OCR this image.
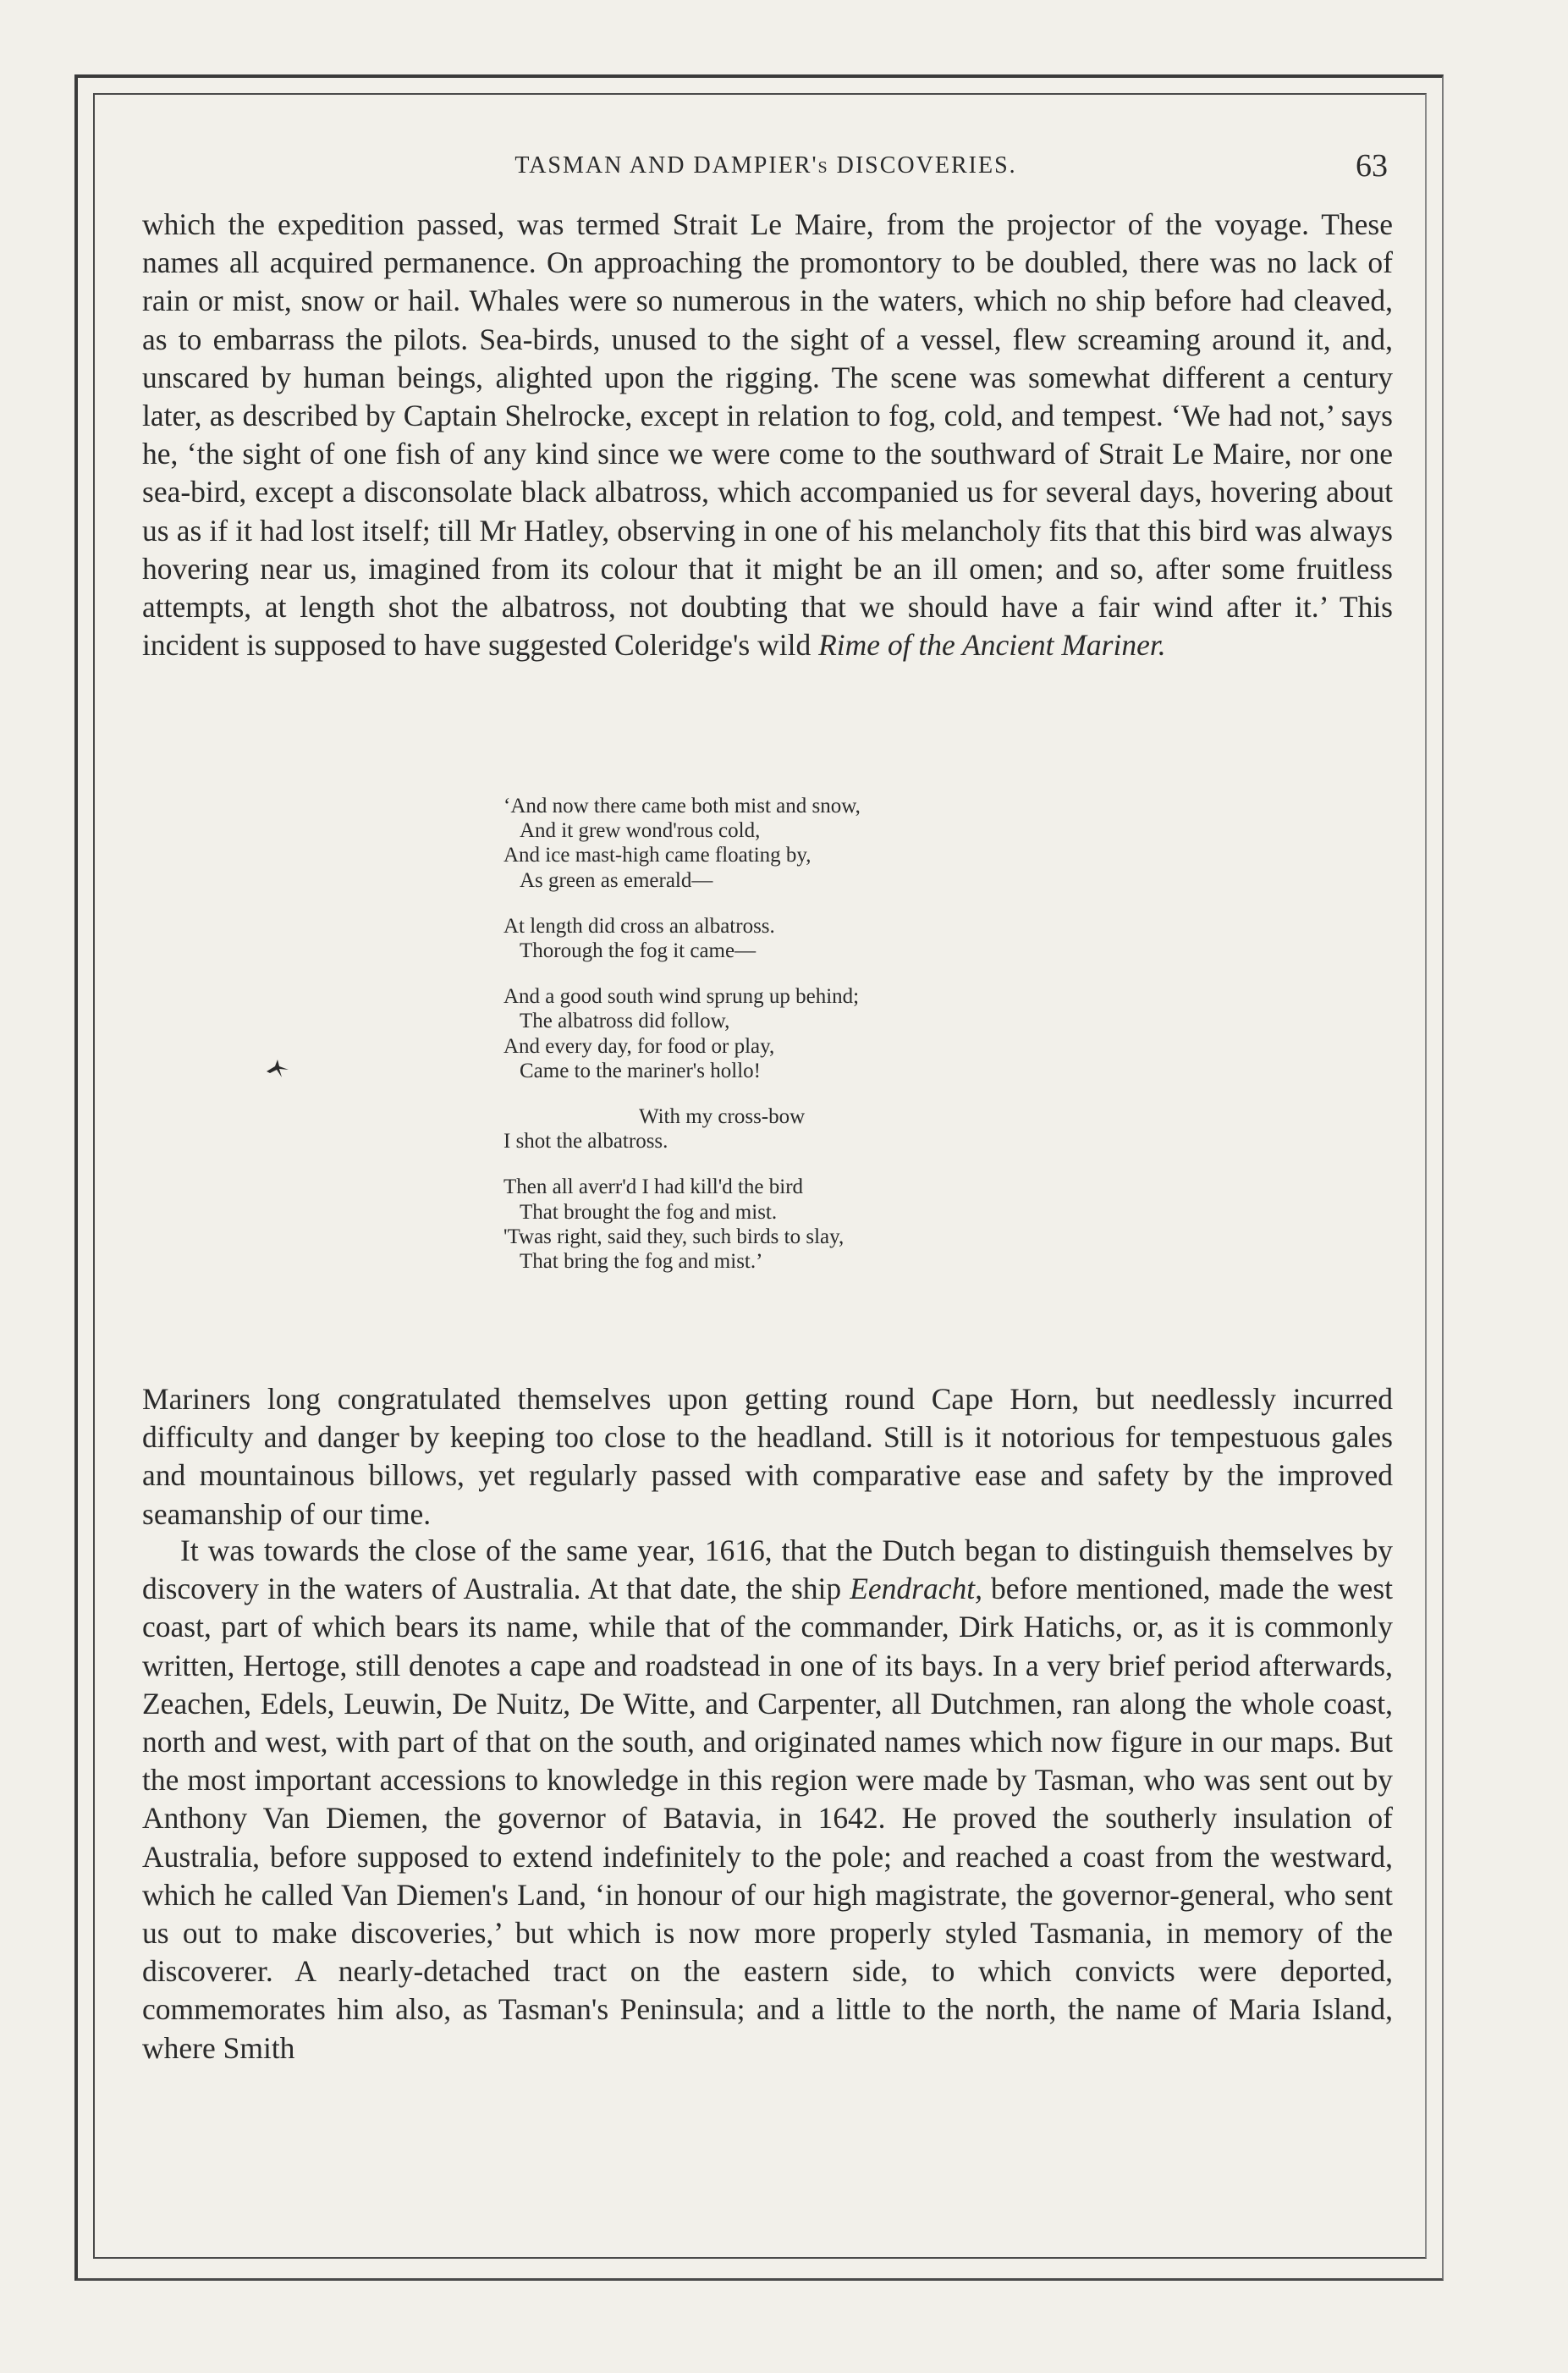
TASMAN AND DAMPIER's DISCOVERIES.	63

which the expedition passed, was termed Strait Le Maire, from the projector of the voyage. These names all acquired permanence. On approaching the promontory to be doubled, there was no lack of rain or mist, snow or hail. Whales were so numerous in the waters, which no ship before had cleaved, as to embarrass the pilots. Sea-birds, unused to the sight of a vessel, flew screaming around it, and, unscared by human beings, alighted upon the rigging. The scene was somewhat different a century later, as described by Captain Shelrocke, except in relation to fog, cold, and tempest. ‘We had not,’ says he, ‘the sight of one fish of any kind since we were come to the southward of Strait Le Maire, nor one sea-bird, except a disconsolate black albatross, which accompanied us for several days, hovering about us as if it had lost itself; till Mr Hatley, observing in one of his melancholy fits that this bird was always hovering near us, imagined from its colour that it might be an ill omen; and so, after some fruitless attempts, at length shot the albatross, not doubting that we should have a fair wind after it.’ This incident is supposed to have suggested Coleridge's wild Rime of the Ancient Mariner.

‘And now there came both mist and snow,
And it grew wond'rous cold,
And ice mast-high came floating by,
As green as emerald—
At length did cross an albatross.
Thorough the fog it came—
And a good south wind sprung up behind;
The albatross did follow,
And every day, for food or play,
Came to the mariner's hollo!
With my cross-bow
I shot the albatross.
Then all averr'd I had kill'd the bird
That brought the fog and mist.
'Twas right, said they, such birds to slay,
That bring the fog and mist.’

Mariners long congratulated themselves upon getting round Cape Horn, but needlessly incurred difficulty and danger by keeping too close to the headland. Still is it notorious for tempestuous gales and mountainous billows, yet regularly passed with comparative ease and safety by the improved seamanship of our time.

It was towards the close of the same year, 1616, that the Dutch began to distinguish themselves by discovery in the waters of Australia. At that date, the ship Eendracht, before mentioned, made the west coast, part of which bears its name, while that of the commander, Dirk Hatichs, or, as it is commonly written, Hertoge, still denotes a cape and roadstead in one of its bays. In a very brief period afterwards, Zeachen, Edels, Leuwin, De Nuitz, De Witte, and Carpenter, all Dutchmen, ran along the whole coast, north and west, with part of that on the south, and originated names which now figure in our maps. But the most important accessions to knowledge in this region were made by Tasman, who was sent out by Anthony Van Diemen, the governor of Batavia, in 1642. He proved the southerly insulation of Australia, before supposed to extend indefinitely to the pole; and reached a coast from the westward, which he called Van Diemen's Land, ‘in honour of our high magistrate, the governor-general, who sent us out to make discoveries,’ but which is now more properly styled Tasmania, in memory of the discoverer. A nearly-detached tract on the eastern side, to which convicts were deported, commemorates him also, as Tasman's Peninsula; and a little to the north, the name of Maria Island, where Smith
